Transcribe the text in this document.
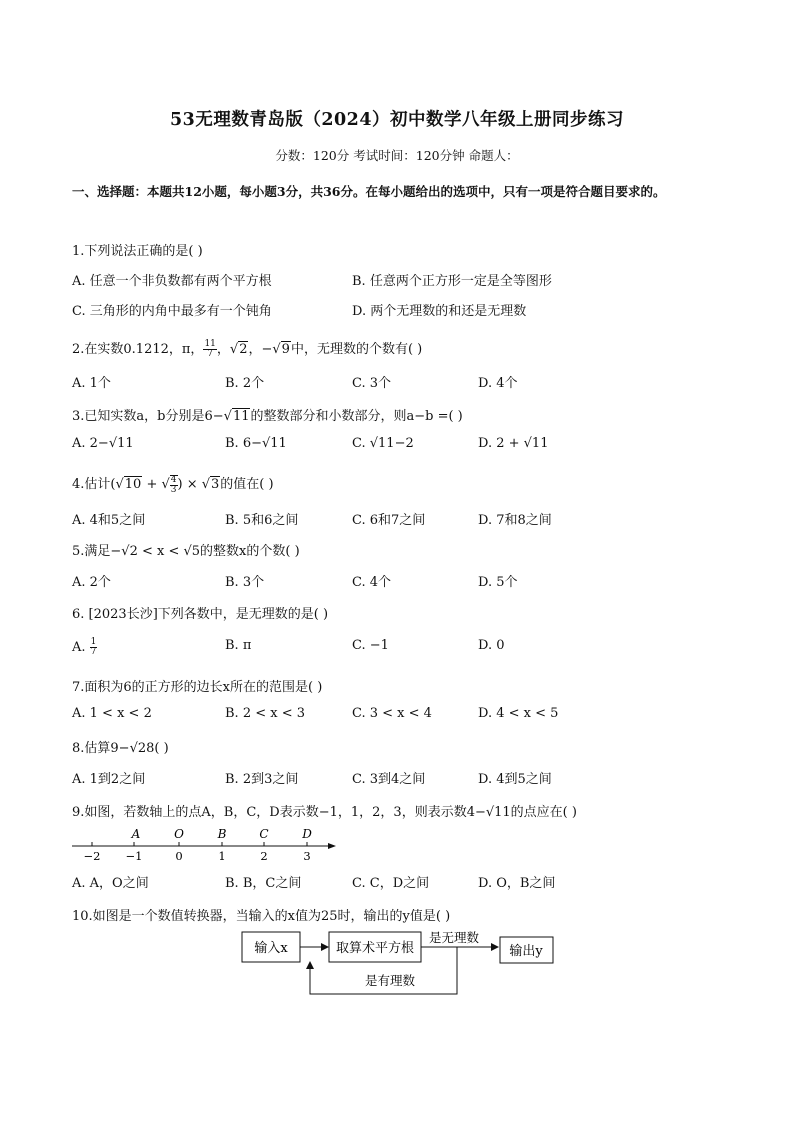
53无理数青岛版（2024）初中数学八年级上册同步练习
分数：120分 考试时间：120分钟 命题人：
一、选择题：本题共12小题，每小题3分，共36分。在每小题给出的选项中，只有一项是符合题目要求的。
1.下列说法正确的是( )
A. 任意一个非负数都有两个平方根	B. 任意两个正方形一定是全等图形
C. 三角形的内角中最多有一个钝角	D. 两个无理数的和还是无理数
2.在实数0.1212，π， $\frac{11}{7}$ ，√2，−√9中，无理数的个数有( )
A. 1个	B. 2个	C. 3个	D. 4个
3.已知实数a，b分别是6−√11的整数部分和小数部分，则a−b =( )
A. 2−√11	B. 6−√11	C. √11−2	D. 2 + √11
4.估计(√10 + √ $\frac{4}{3}$ ) × √3的值在( )
A. 4和5之间	B. 5和6之间	C. 6和7之间	D. 7和8之间
5.满足−√2 < x < √5的整数x的个数( )
A. 2个	B. 3个	C. 4个	D. 5个
6. [2023长沙]下列各数中，是无理数的是( )
A. $\frac{1}{7}$	B. π	C. −1	D. 0
7.面积为6的正方形的边长x所在的范围是( )
A. 1 < x < 2	B. 2 < x < 3	C. 3 < x < 4	D. 4 < x < 5
8.估算9−√28( )
A. 1到2之间	B. 2到3之间	C. 3到4之间	D. 4到5之间
9.如图，若数轴上的点A，B，C，D表示数−1，1，2，3，则表示数4−√11的点应在( )
A	O	B	C	D
−2 −1	0	1	2	3
A. A，O之间	B. B，C之间	C. C，D之间	D. O，B之间
10.如图是一个数值转换器，当输入的x值为25时，输出的y值是( )
输入x	取算术平方根
是无理数
输出y
是有理数
